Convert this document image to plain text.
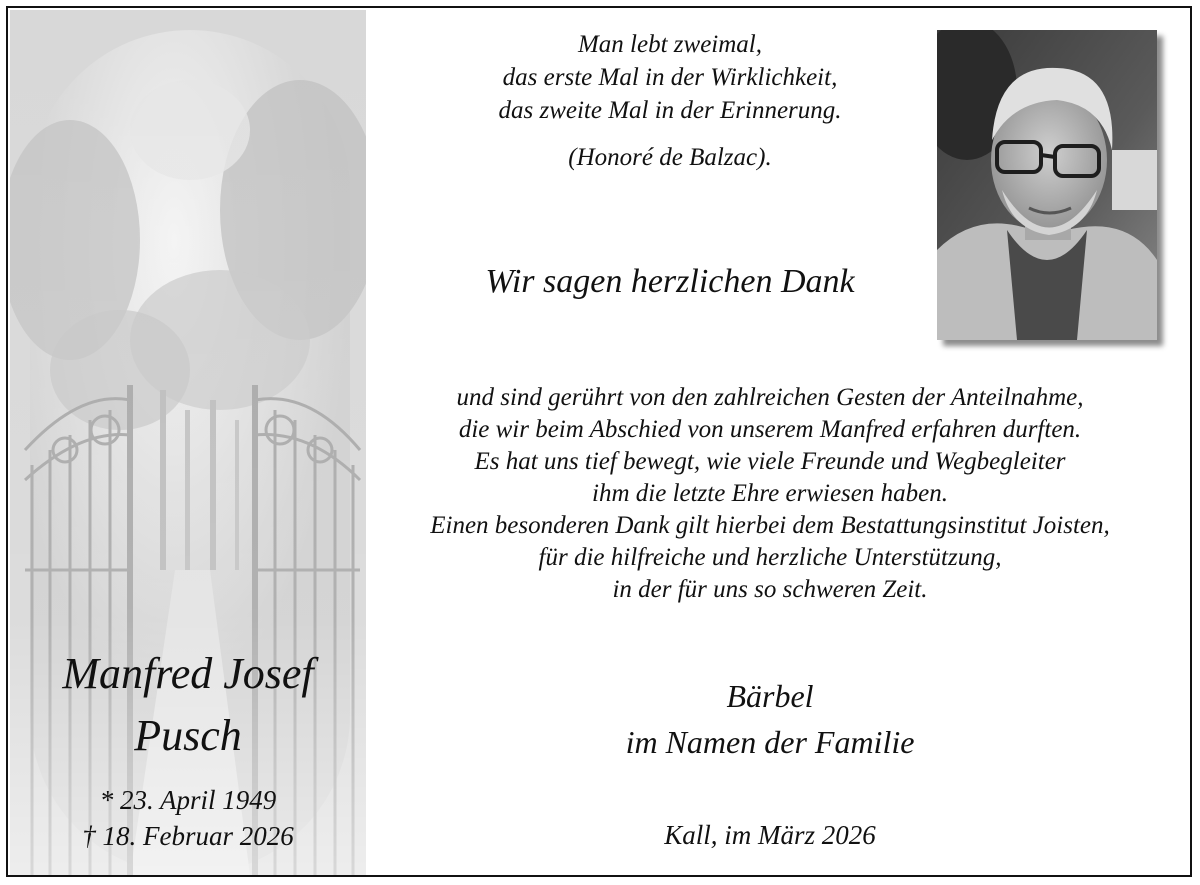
Manfred Josef
Pusch
* 23. April 1949
† 18. Februar 2026
Man lebt zweimal,
das erste Mal in der Wirklichkeit,
das zweite Mal in der Erinnerung.
(Honoré de Balzac).
Wir sagen herzlichen Dank
und sind gerührt von den zahlreichen Gesten der Anteilnahme,
die wir beim Abschied von unserem Manfred erfahren durften.
Es hat uns tief bewegt, wie viele Freunde und Wegbegleiter
ihm die letzte Ehre erwiesen haben.
Einen besonderen Dank gilt hierbei dem Bestattungsinstitut Joisten,
für die hilfreiche und herzliche Unterstützung,
in der für uns so schweren Zeit.
Bärbel
im Namen der Familie
Kall, im März 2026
